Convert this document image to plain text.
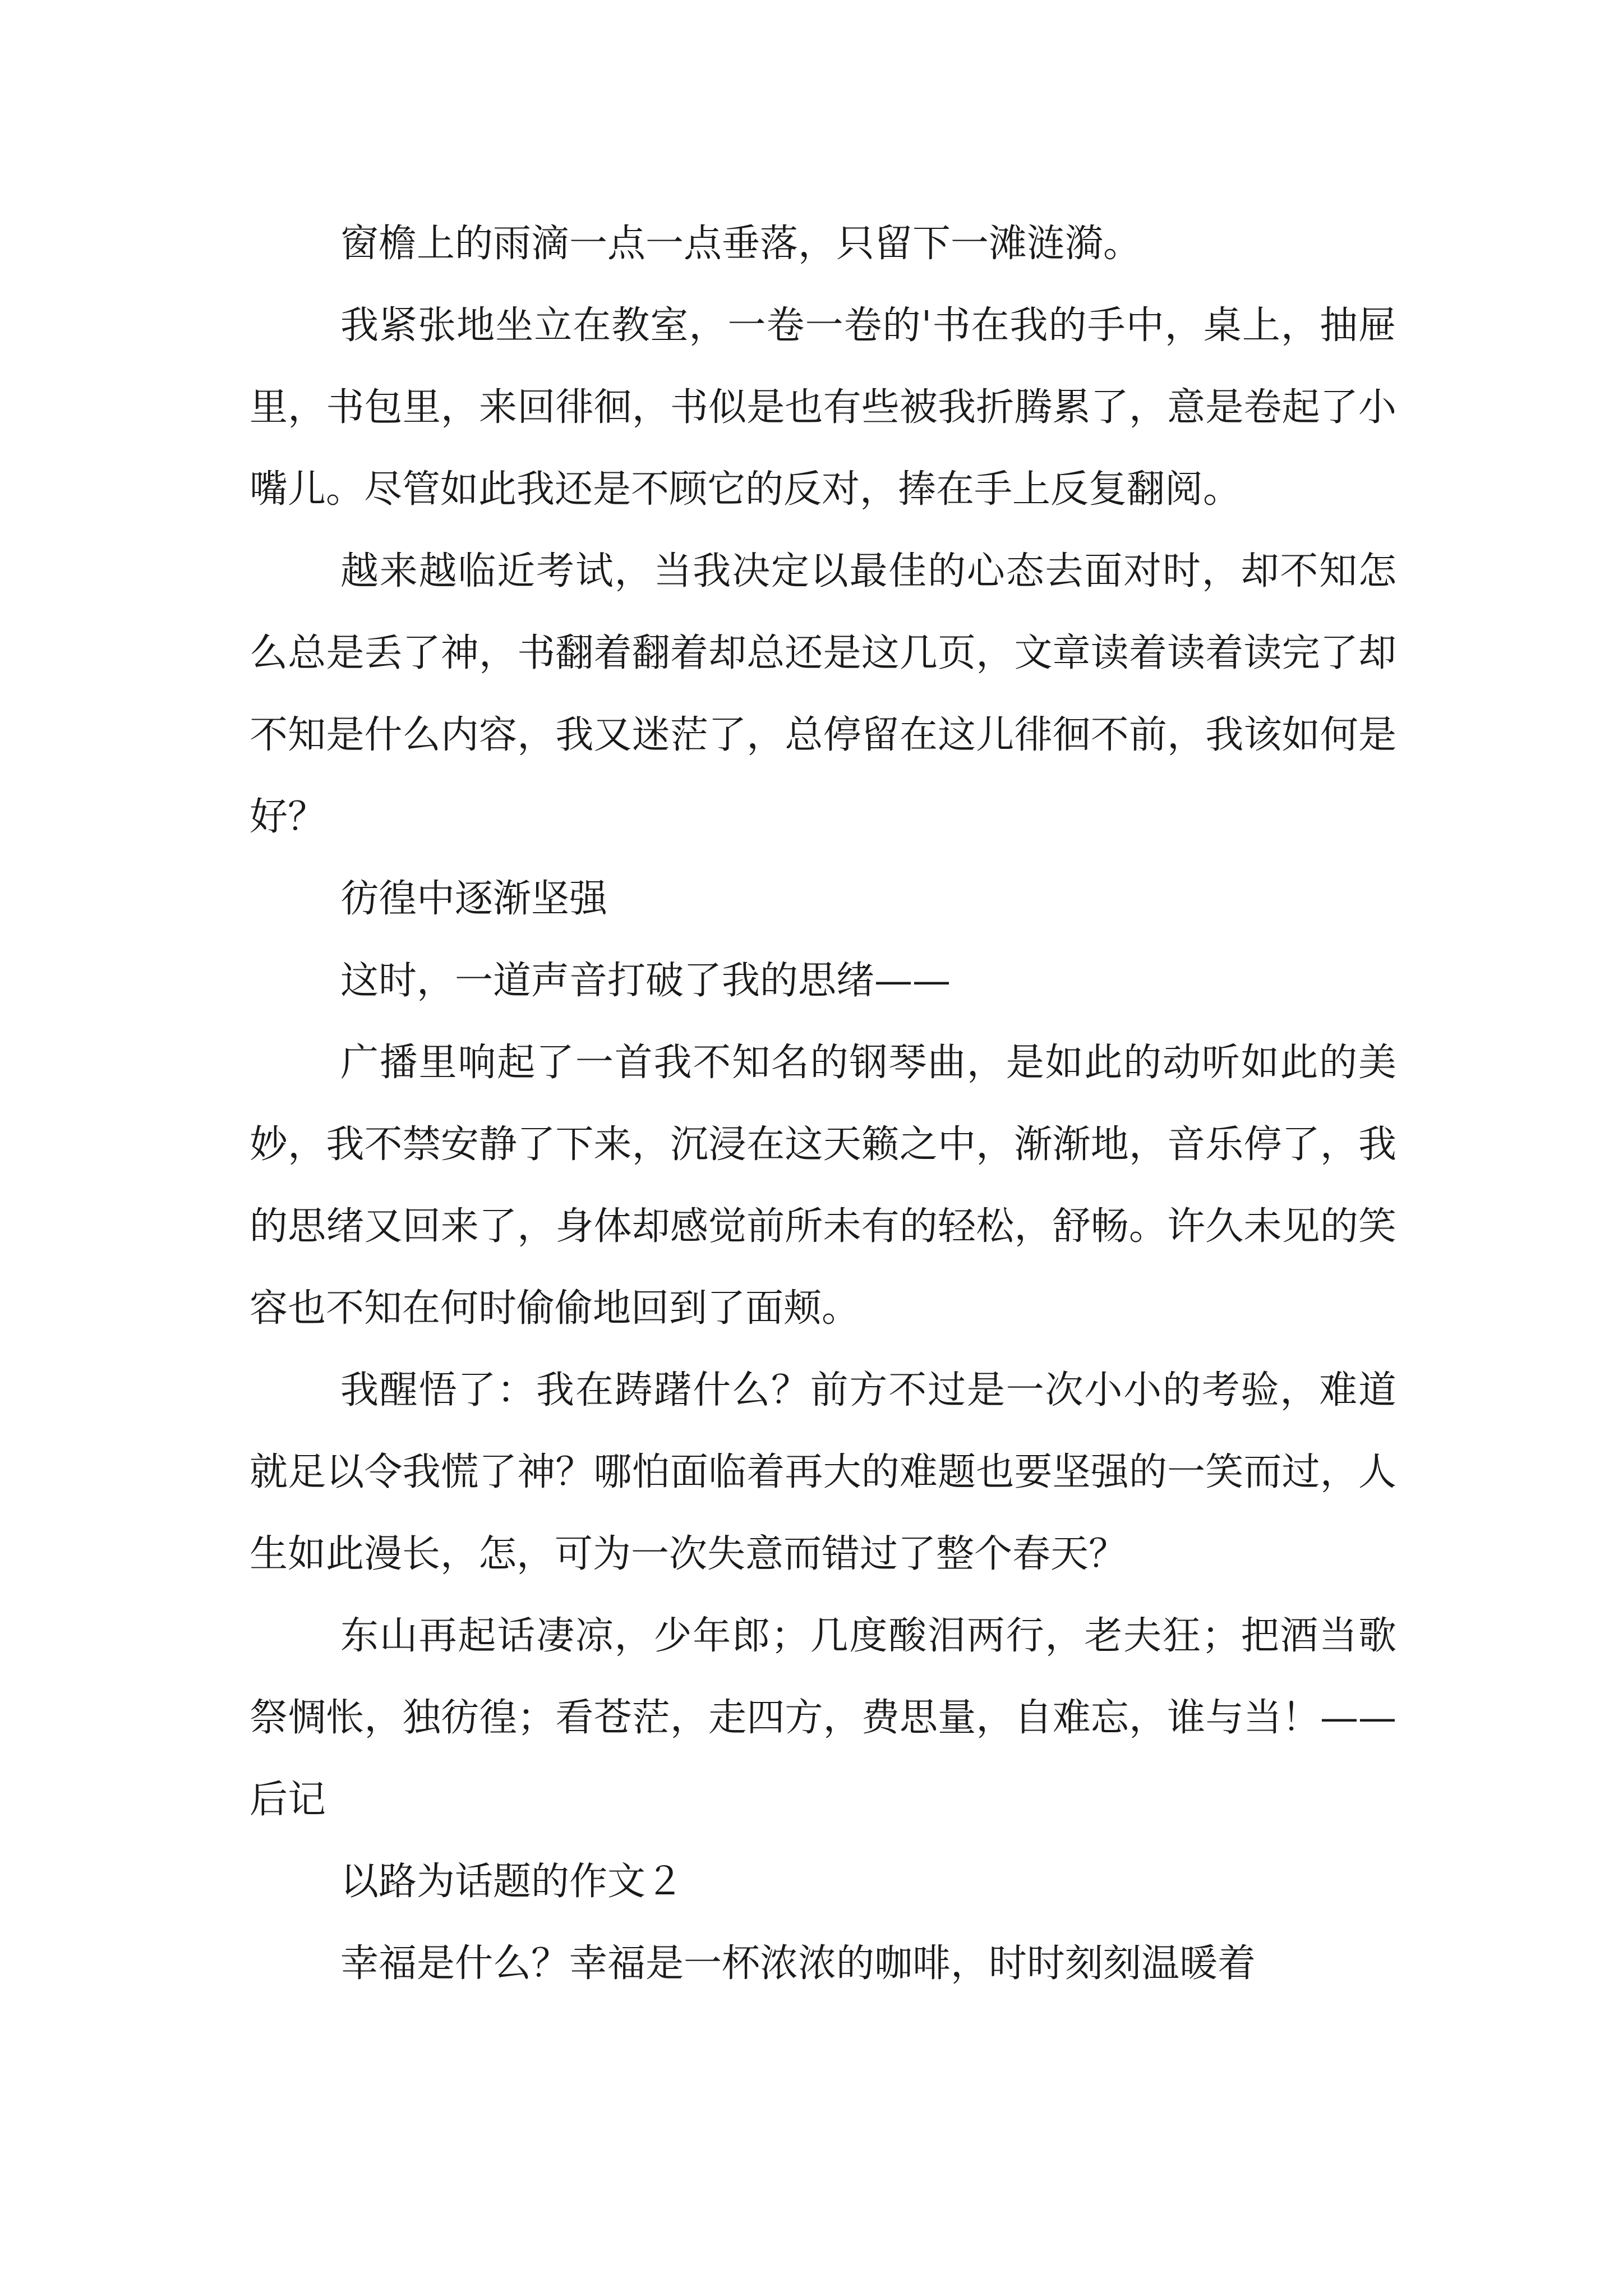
窗檐上的雨滴一点一点垂落，只留下一滩涟漪。

我紧张地坐立在教室，一卷一卷的'书在我的手中，桌上，抽屉里，书包里，来回徘徊，书似是也有些被我折腾累了，意是卷起了小嘴儿。尽管如此我还是不顾它的反对，捧在手上反复翻阅。

越来越临近考试，当我决定以最佳的心态去面对时，却不知怎么总是丢了神，书翻着翻着却总还是这几页，文章读着读着读完了却不知是什么内容，我又迷茫了，总停留在这儿徘徊不前，我该如何是好？

彷徨中逐渐坚强

这时，一道声音打破了我的思绪——

广播里响起了一首我不知名的钢琴曲，是如此的动听如此的美妙，我不禁安静了下来，沉浸在这天籁之中，渐渐地，音乐停了，我的思绪又回来了，身体却感觉前所未有的轻松，舒畅。许久未见的笑容也不知在何时偷偷地回到了面颊。

我醒悟了：我在踌躇什么？前方不过是一次小小的考验，难道就足以令我慌了神？哪怕面临着再大的难题也要坚强的一笑而过，人生如此漫长，怎，可为一次失意而错过了整个春天？

东山再起话凄凉，少年郎；几度酸泪两行，老夫狂；把酒当歌祭惆怅，独彷徨；看苍茫，走四方，费思量，自难忘，谁与当！——后记

以路为话题的作文２

幸福是什么？幸福是一杯浓浓的咖啡，时时刻刻温暖着
